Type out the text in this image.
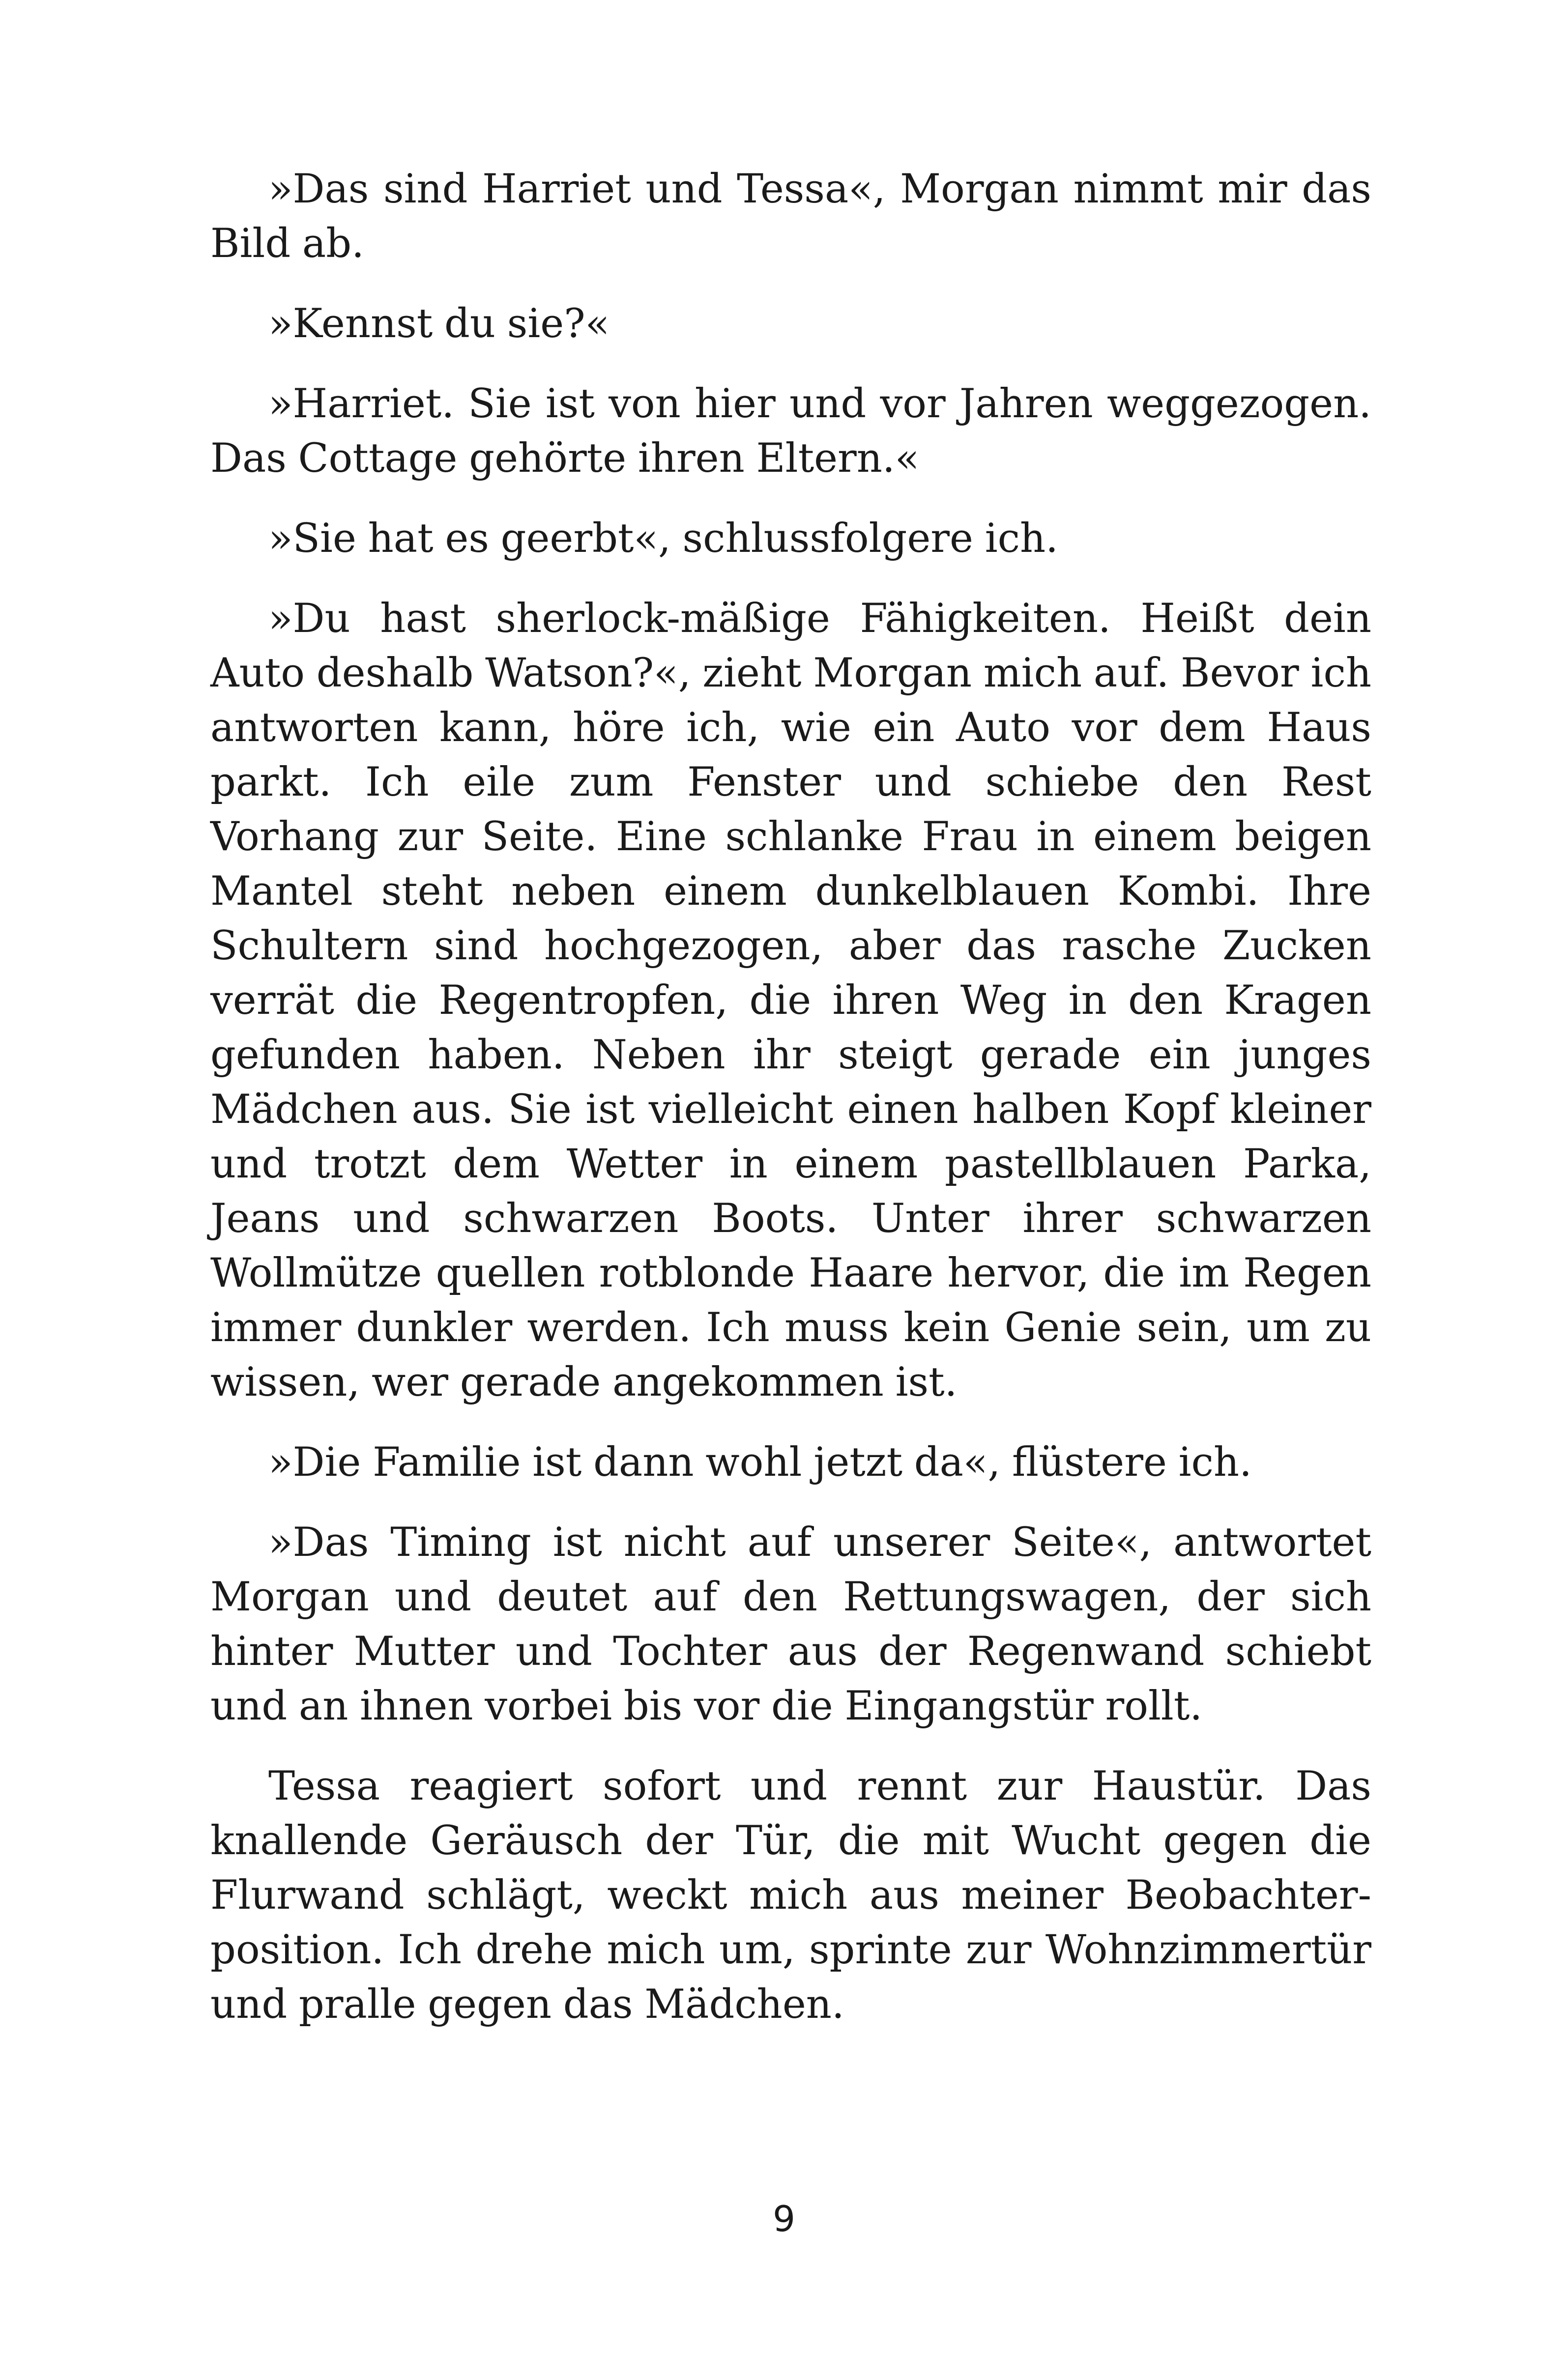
»Das sind Harriet und Tessa«, Morgan nimmt mir das Bild ab.

»Kennst du sie?«

»Harriet. Sie ist von hier und vor Jahren weggezogen. Das Cottage gehörte ihren Eltern.«

»Sie hat es geerbt«, schlussfolgere ich.

»Du hast sherlock-mäßige Fähigkeiten. Heißt dein Auto deshalb Watson?«, zieht Morgan mich auf. Bevor ich antworten kann, höre ich, wie ein Auto vor dem Haus parkt. Ich eile zum Fenster und schiebe den Rest Vorhang zur Seite. Eine schlanke Frau in einem beigen Mantel steht neben einem dunkelblauen Kombi. Ihre Schultern sind hochgezogen, aber das rasche Zucken verrät die Regentropfen, die ihren Weg in den Kragen gefunden haben. Neben ihr steigt gerade ein junges Mädchen aus. Sie ist vielleicht einen halben Kopf kleiner und trotzt dem Wetter in einem pastellblauen Parka, Jeans und schwarzen Boots. Unter ihrer schwarzen Wollmütze quellen rotblonde Haare hervor, die im Regen immer dunkler werden. Ich muss kein Genie sein, um zu wissen, wer gerade angekommen ist.

»Die Familie ist dann wohl jetzt da«, flüstere ich.

»Das Timing ist nicht auf unserer Seite«, antwortet Morgan und deutet auf den Rettungswagen, der sich hinter Mutter und Tochter aus der Regenwand schiebt und an ihnen vorbei bis vor die Eingangstür rollt.

Tessa reagiert sofort und rennt zur Haustür. Das knallende Geräusch der Tür, die mit Wucht gegen die Flurwand schlägt, weckt mich aus meiner Beobachterposition. Ich drehe mich um, sprinte zur Wohnzimmertür und pralle gegen das Mädchen.

9
